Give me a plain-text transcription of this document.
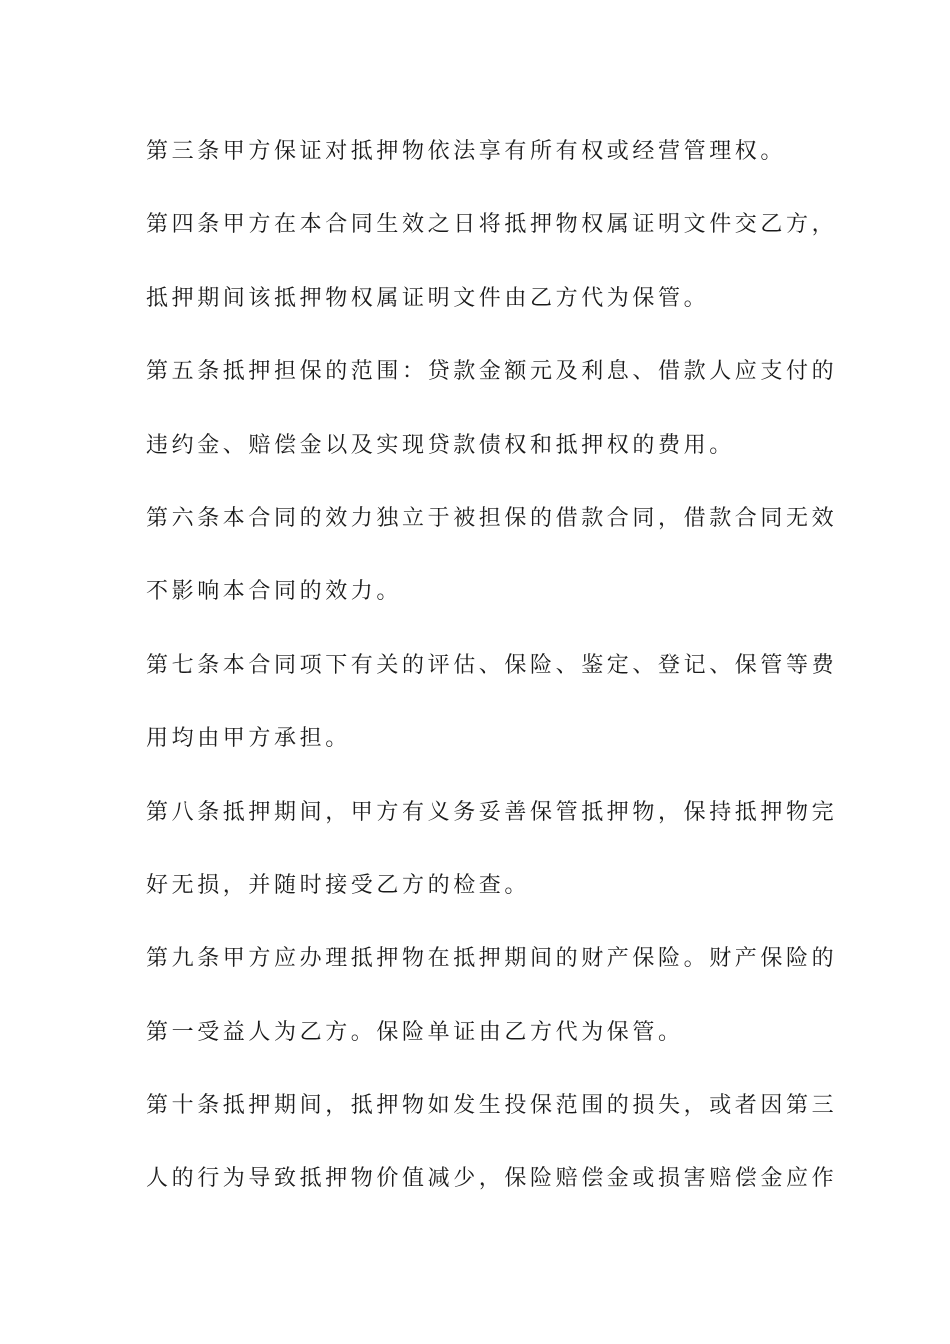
第三条甲方保证对抵押物依法享有所有权或经营管理权。
第四条甲方在本合同生效之日将抵押物权属证明文件交乙方，
抵押期间该抵押物权属证明文件由乙方代为保管。
第五条抵押担保的范围：贷款金额元及利息、借款人应支付的
违约金、赔偿金以及实现贷款债权和抵押权的费用。
第六条本合同的效力独立于被担保的借款合同，借款合同无效
不影响本合同的效力。
第七条本合同项下有关的评估、保险、鉴定、登记、保管等费
用均由甲方承担。
第八条抵押期间，甲方有义务妥善保管抵押物，保持抵押物完
好无损，并随时接受乙方的检查。
第九条甲方应办理抵押物在抵押期间的财产保险。财产保险的
第一受益人为乙方。保险单证由乙方代为保管。
第十条抵押期间，抵押物如发生投保范围的损失，或者因第三
人的行为导致抵押物价值减少，保险赔偿金或损害赔偿金应作
